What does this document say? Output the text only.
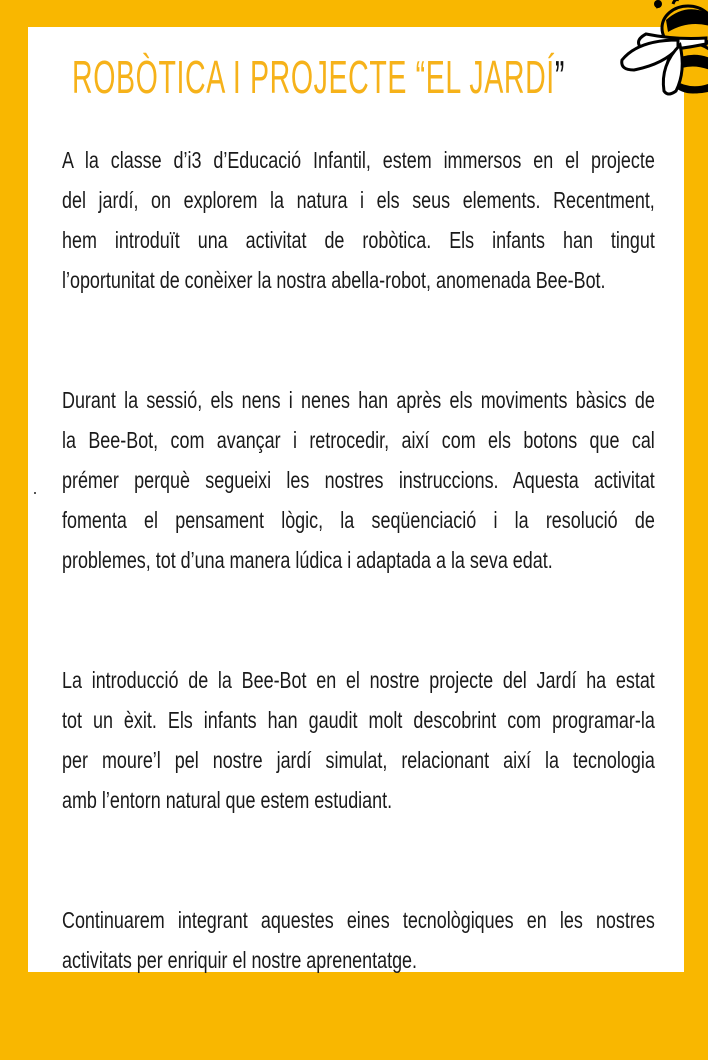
ROBÒTICA I PROJECTE “EL JARDÍ”
A la classe d’i3 d’Educació Infantil, estem immersos en el projecte
del jardí, on explorem la natura i els seus elements. Recentment,
hem introduït una activitat de robòtica. Els infants han tingut
l’oportunitat de conèixer la nostra abella-robot, anomenada Bee-Bot.
Durant la sessió, els nens i nenes han après els moviments bàsics de
la Bee-Bot, com avançar i retrocedir, així com els botons que cal
prémer perquè segueixi les nostres instruccions. Aquesta activitat
fomenta el pensament lògic, la seqüenciació i la resolució de
problemes, tot d’una manera lúdica i adaptada a la seva edat.
La introducció de la Bee-Bot en el nostre projecte del Jardí ha estat
tot un èxit. Els infants han gaudit molt descobrint com programar-la
per moure’l pel nostre jardí simulat, relacionant així la tecnologia
amb l’entorn natural que estem estudiant.
Continuarem integrant aquestes eines tecnològiques en les nostres
activitats per enriquir el nostre aprenentatge.
